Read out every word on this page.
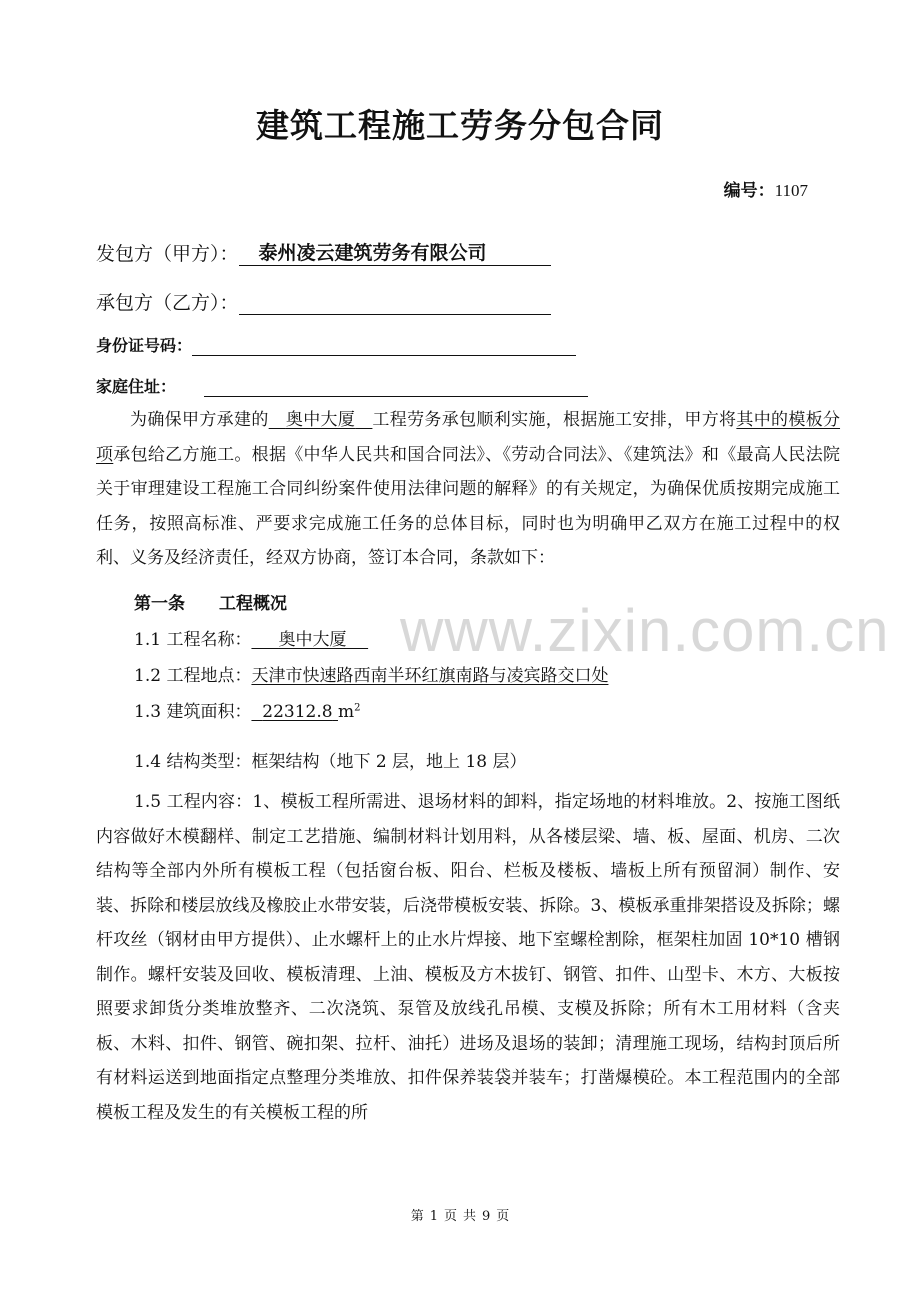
建筑工程施工劳务分包合同
编号：1107
发包方（甲方）： 泰州凌云建筑劳务有限公司
承包方（乙方）：
身份证号码：
家庭住址：
为确保甲方承建的 奥中大厦 工程劳务承包顺利实施，根据施工安排，甲方将其中的模板分项承包给乙方施工。根据《中华人民共和国合同法》、《劳动合同法》、《建筑法》和《最高人民法院关于审理建设工程施工合同纠纷案件使用法律问题的解释》的有关规定，为确保优质按期完成施工任务，按照高标准、严要求完成施工任务的总体目标，同时也为明确甲乙双方在施工过程中的权利、义务及经济责任，经双方协商，签订本合同，条款如下：
www.zixin.com.cn
第一条　　工程概况
1.1 工程名称： 奥中大厦
1.2 工程地点：天津市快速路西南半环红旗南路与凌宾路交口处
1.3 建筑面积： 22312.8 $m^2$
1.4 结构类型：框架结构（地下 2 层，地上 18 层）
1.5 工程内容：1、模板工程所需进、退场材料的卸料，指定场地的材料堆放。2、按施工图纸内容做好木模翻样、制定工艺措施、编制材料计划用料，从各楼层梁、墙、板、屋面、机房、二次结构等全部内外所有模板工程（包括窗台板、阳台、栏板及楼板、墙板上所有预留洞）制作、安装、拆除和楼层放线及橡胶止水带安装，后浇带模板安装、拆除。3、模板承重排架搭设及拆除；螺杆攻丝（钢材由甲方提供）、止水螺杆上的止水片焊接、地下室螺栓割除，框架柱加固 10*10 槽钢制作。螺杆安装及回收、模板清理、上油、模板及方木拔钉、钢管、扣件、山型卡、木方、大板按照要求卸货分类堆放整齐、二次浇筑、泵管及放线孔吊模、支模及拆除；所有木工用材料（含夹板、木料、扣件、钢管、碗扣架、拉杆、油托）进场及退场的装卸；清理施工现场，结构封顶后所有材料运送到地面指定点整理分类堆放、扣件保养装袋并装车；打凿爆模砼。本工程范围内的全部模板工程及发生的有关模板工程的所
第 1 页 共 9 页
